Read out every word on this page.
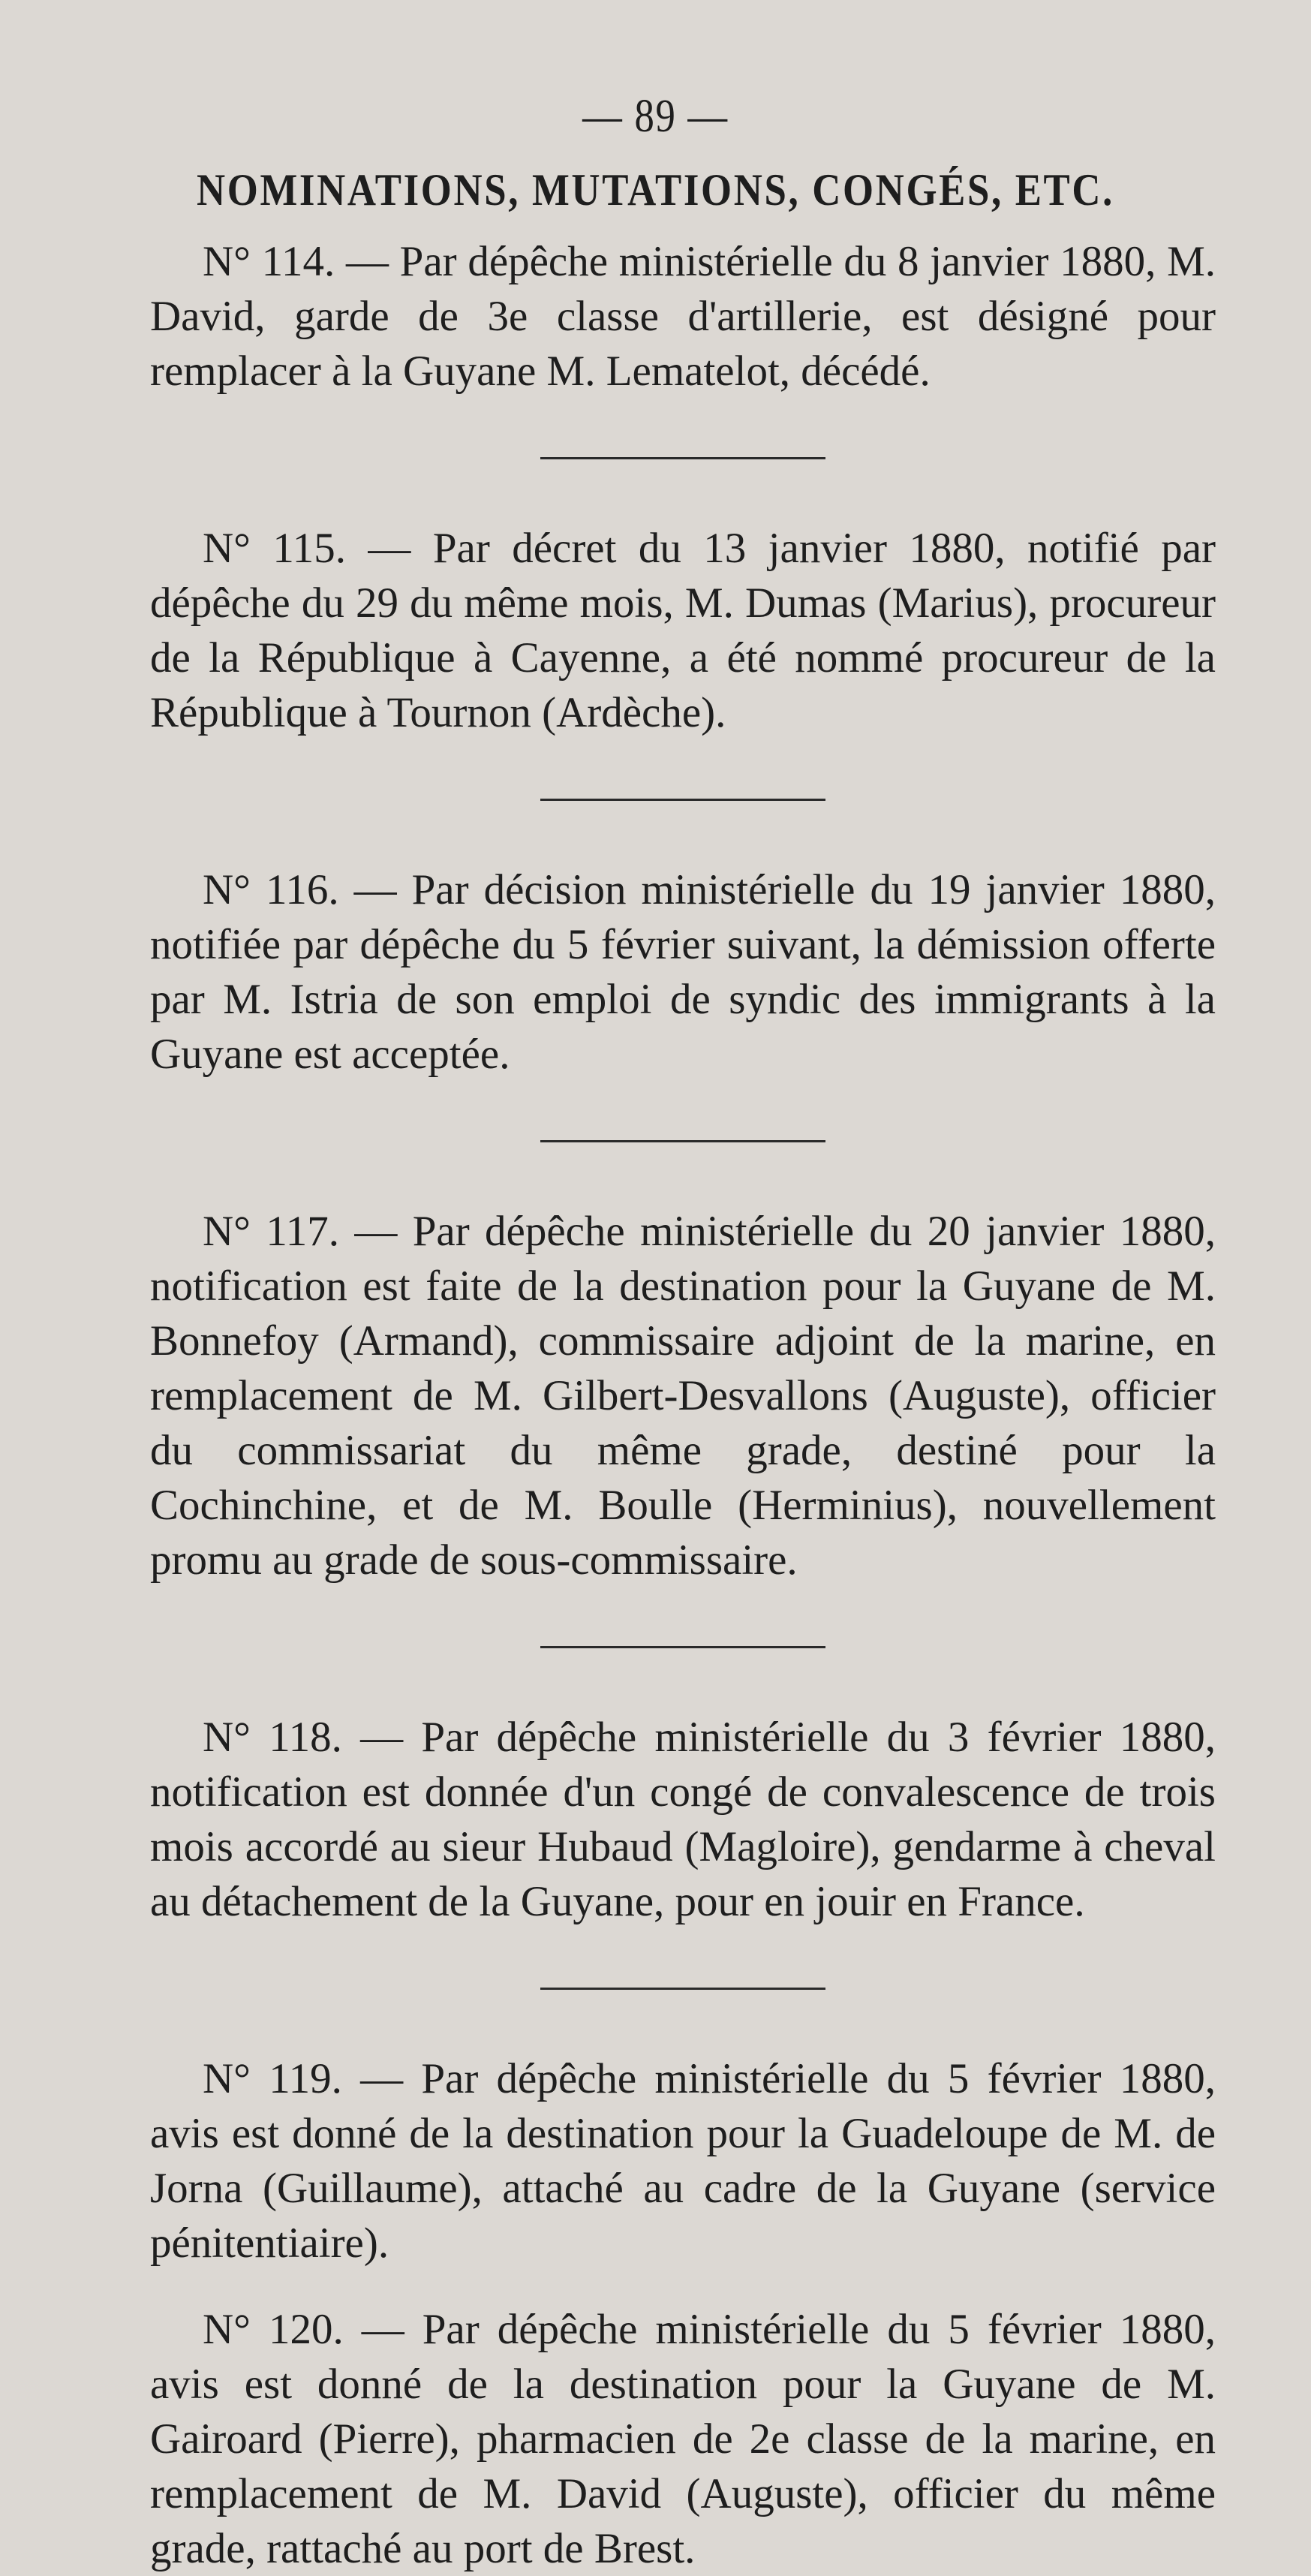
— 89 —
NOMINATIONS, MUTATIONS, CONGÉS, ETC.

N° 114. — Par dépêche ministérielle du 8 janvier 1880, M. David, garde de 3e classe d'artillerie, est désigné pour remplacer à la Guyane M. Lematelot, décédé.

N° 115. — Par décret du 13 janvier 1880, notifié par dépêche du 29 du même mois, M. Dumas (Marius), procureur de la République à Cayenne, a été nommé procureur de la République à Tournon (Ardèche).

N° 116. — Par décision ministérielle du 19 janvier 1880, notifiée par dépêche du 5 février suivant, la démission offerte par M. Istria de son emploi de syndic des immigrants à la Guyane est acceptée.

N° 117. — Par dépêche ministérielle du 20 janvier 1880, notification est faite de la destination pour la Guyane de M. Bonnefoy (Armand), commissaire adjoint de la marine, en remplacement de M. Gilbert-Desvallons (Auguste), officier du commissariat du même grade, destiné pour la Cochinchine, et de M. Boulle (Herminius), nouvellement promu au grade de sous-commissaire.

N° 118. — Par dépêche ministérielle du 3 février 1880, notification est donnée d'un congé de convalescence de trois mois accordé au sieur Hubaud (Magloire), gendarme à cheval au détachement de la Guyane, pour en jouir en France.

N° 119. — Par dépêche ministérielle du 5 février 1880, avis est donné de la destination pour la Guadeloupe de M. de Jorna (Guillaume), attaché au cadre de la Guyane (service pénitentiaire).

N° 120. — Par dépêche ministérielle du 5 février 1880, avis est donné de la destination pour la Guyane de M. Gairoard (Pierre), pharmacien de 2e classe de la marine, en remplacement de M. David (Auguste), officier du même grade, rattaché au port de Brest.
